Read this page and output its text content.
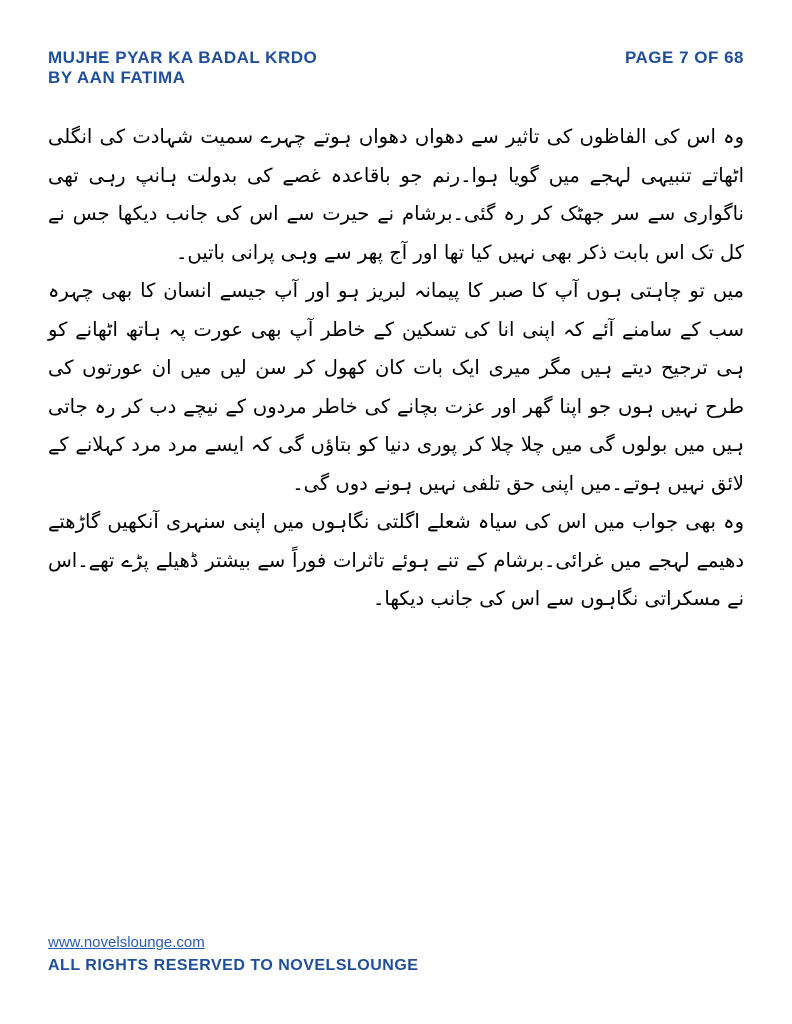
MUJHE PYAR KA BADAL KRDO
BY AAN FATIMA
PAGE 7 OF 68

وہ اس کی الفاظوں کی تاثیر سے دھواں دھواں ہوتے چہرے سمیت شہادت کی انگلی اٹھاتے تنبیہی لہجے میں گویا ہوا۔رنم جو باقاعدہ غصے کی بدولت ہانپ رہی تھی ناگواری سے سر جھٹک کر رہ گئی۔برشام نے حیرت سے اس کی جانب دیکھا جس نے کل تک اس بابت ذکر بھی نہیں کیا تھا اور آج پھر سے وہی پرانی باتیں۔

میں تو چاہتی ہوں آپ کا صبر کا پیمانہ لبریز ہو اور آپ جیسے انسان کا بھی چہرہ سب کے سامنے آئے کہ اپنی انا کی تسکین کے خاطر آپ بھی عورت پہ ہاتھ اٹھانے کو ہی ترجیح دیتے ہیں مگر میری ایک بات کان کھول کر سن لیں میں ان عورتوں کی طرح نہیں ہوں جو اپنا گھر اور عزت بچانے کی خاطر مردوں کے نیچے دب کر رہ جاتی ہیں میں بولوں گی میں چلا چلا کر پوری دنیا کو بتاؤں گی کہ ایسے مرد مرد کہلانے کے لائق نہیں ہوتے۔میں اپنی حق تلفی نہیں ہونے دوں گی۔

وہ بھی جواب میں اس کی سیاہ شعلے اگلتی نگاہوں میں اپنی سنہری آنکھیں گاڑھتے دھیمے لہجے میں غرائی۔برشام کے تنے ہوئے تاثرات فوراً سے بیشتر ڈھیلے پڑے تھے۔اس نے مسکراتی نگاہوں سے اس کی جانب دیکھا۔

www.novelslounge.com
ALL RIGHTS RESERVED TO NOVELSLOUNGE
